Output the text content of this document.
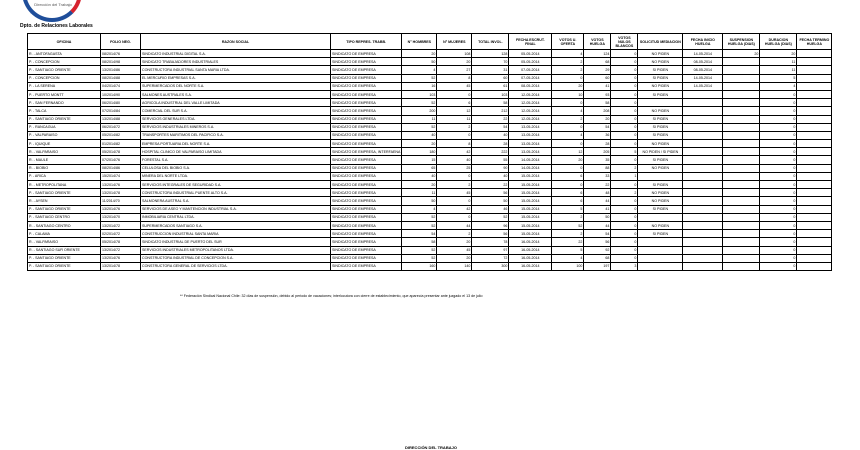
Dirección del Trabajo
Dpto. de Relaciones Laborales
OFICINA	FOLIO NEG.	RAZON SOCIAL	TIPO REPRES. TRABB.	N° HOMBRES	N° MUJERES	TOTAL INVOL.	FECHA ESCRUT. FINAL	VOTOS U. OFERTA	VOTOS HUELGA	VOTOS NULOS BLANCOS	SOLICITUD MEDIACION	FECHA INICIO HUELGA	SUSPENSION HUELGA (DIAS)	DURACION HUELGA (DIAS)	FECHA TERMINO HUELGA
R. - ANTOFAGASTA	08/2014/76	SINDICATO INDUSTRIAL DIGITAL S.A.	SINDICATO DE EMPRESA	20	108	128	05-05-2014	4	124	0	NO PIDEN	14-05-2014	20	20	
P. - CONCEPCION	08/2014/98	SINDICATO TRABAJADORES INDUSTRIALES	SINDICATO DE EMPRESA	50	20	70	05-05-2014	2	68	0	NO PIDEN	08-05-2014		11	
P. - SANTIAGO ORIENTE	13/2014/86	CONSTRUCTORA INDUSTRIAL SANTA MARIA LTDA.	SINDICATO DE EMPRESA	4	27	31	07-05-2014	2	29	0	SI PIDEN	08-05-2014		11	
P. - CONCEPCION	08/2014/88	EL MERCURIO EMPRESAS S.A.	SINDICATO DE EMPRESA	52	8	60	07-05-2014	0	60	0	SI PIDEN	14-05-2014		5	
P. - LA SERENA	04/2014/74	SUPERMERCADOS DEL NORTE S.A.	SINDICATO DE EMPRESA	16	45	61	08-05-2014	20	41	0	NO PIDEN	14-05-2014		4	
P. - PUERTO MONTT	10/2014/90	SALMONES AUSTRALES S.A.	SINDICATO DE EMPRESA	103	0	103	12-05-2014	10	93	0	SI PIDEN			0	
P. - SAN FERNANDO	06/2014/80	AGRICOLA INDUSTRIAL DEL VALLE LIMITADA	SINDICATO DE EMPRESA	52	6	58	12-05-2014	0	58	0				0	
P. - TALCA	07/2014/84	COMERCIAL DEL SUR S.A.	SINDICATO DE EMPRESA	200	12	212	12-05-2014	4	208	0	NO PIDEN			0	
P. - SANTIAGO ORIENTE	13/2014/88	SERVICIOS GENERALES LTDA.	SINDICATO DE EMPRESA	11	11	22	12-05-2014	2	20	0	SI PIDEN			0	
P. - RANCAGUA	06/2014/72	SERVICIOS INDUSTRIALES MINEROS S.A.	SINDICATO DE EMPRESA	52	2	54	13-05-2014	0	54	0	SI PIDEN			0	
P. - VALPARAISO	05/2014/82	TRANSPORTES MARITIMOS DEL PACIFICO S.A.	SINDICATO DE EMPRESA	40	0	40	13-05-2014	4	36	0	SI PIDEN			0	
P. - IQUIQUE	01/2014/82	EMPRESA PORTUARIA DEL NORTE S.A.	SINDICATO DE EMPRESA	20	8	28	13-05-2014	0	28	0	NO PIDEN			0	
R. - VALPARAISO	05/2014/78	HOSPITAL CLINICO DE VALPARAISO LIMITADA	SINDICATO DE EMPRESA, INTERFAENA	180	42	222	13-05-2014	12	205	5	NO PIDEN / SI PIDEN			0	
R. - MAULE	07/2014/76	FORESTAL S.A.	SINDICATO DE EMPRESA	15	40	55	14-05-2014	20	35	0	SI PIDEN			0	
R. - BIOBIO	08/2014/86	CELULOSA DEL BIOBIO S.A.	SINDICATO DE EMPRESA	65	25	90	14-05-2014	0	88	2	NO PIDEN			0	
P. - ARICA	15/2014/74	MINERA DEL NORTE LTDA.	SINDICATO DE EMPRESA	40	0	40	15-05-2014	6	33	1				0	
R. - METROPOLITANA	13/2014/76	SERVICIOS INTEGRALES DE SEGURIDAD S.A.	SINDICATO DE EMPRESA	20	2	22	15-05-2014	0	22	0	SI PIDEN			0	
P. - SANTIAGO ORIENTE	13/2014/78	CONSTRUCTORA INDUSTRIAL PUENTE ALTO S.A.	SINDICATO DE EMPRESA	11	45	56	15-05-2014	6	48	2	NO PIDEN			0	
R. - AYSEN	11/2014/70	SALMONERA AUSTRAL S.A.	SINDICATO DE EMPRESA	50	0	50	15-05-2014	6	44	0	NO PIDEN			0	
P. - SANTIAGO ORIENTE	13/2014/76	SERVICIOS DE ASEO Y MANTENCION INDUSTRIAL S.A.	SINDICATO DE EMPRESA	4	42	46	15-05-2014	5	41	0	SI PIDEN			0	
P. - SANTIAGO CENTRO	13/2014/70	INMOBILIARIA CENTRAL LTDA.	SINDICATO DE EMPRESA	52	0	52	15-05-2014	2	50	0				0	
R. - SANTIAGO CENTRO	13/2014/72	SUPERMERCADOS SANTIAGO S.A.	SINDICATO DE EMPRESA	52	44	96	15-05-2014	52	44	0	NO PIDEN			0	
P. - CALAMA	02/2014/72	CONSTRUCCION INDUSTRIAL SANTA MARIA	SINDICATO DE EMPRESA	54	2	56	15-05-2014	2	54	0	SI PIDEN			0	
R. - VALPARAISO	05/2014/78	SINDICATO INDUSTRIAL DE PUERTO DEL SUR	SINDICATO DE EMPRESA	58	20	78	16-05-2014	22	56	0				0	
R. - SANTIAGO SUR ORIENTE	13/2014/72	SERVICIOS INDUSTRIALES METROPOLITANOS LTDA.	SINDICATO DE EMPRESA	52	45	97	16-05-2014	5	92	0				0	
P. - SANTIAGO ORIENTE	13/2014/76	CONSTRUCTORA INDUSTRIAL DE CONCEPCION S.A.	SINDICATO DE EMPRESA	52	20	72	16-05-2014	4	68	0				0	
P. - SANTIAGO ORIENTE	13/2014/78	CONSTRUCTORA GENERAL DE SERVICIOS LTDA.	SINDICATO DE EMPRESA	160	140	300	16-05-2014	100	197	3				0	
** Federación Sindical Nacional Chile: 32 días de suspensión, debido al periodo de vacaciones; interlocutora con cierre de establecimiento, que aparecía presentar ante juzgado el 13 de julio
DIRECCIÓN DEL TRABAJO
